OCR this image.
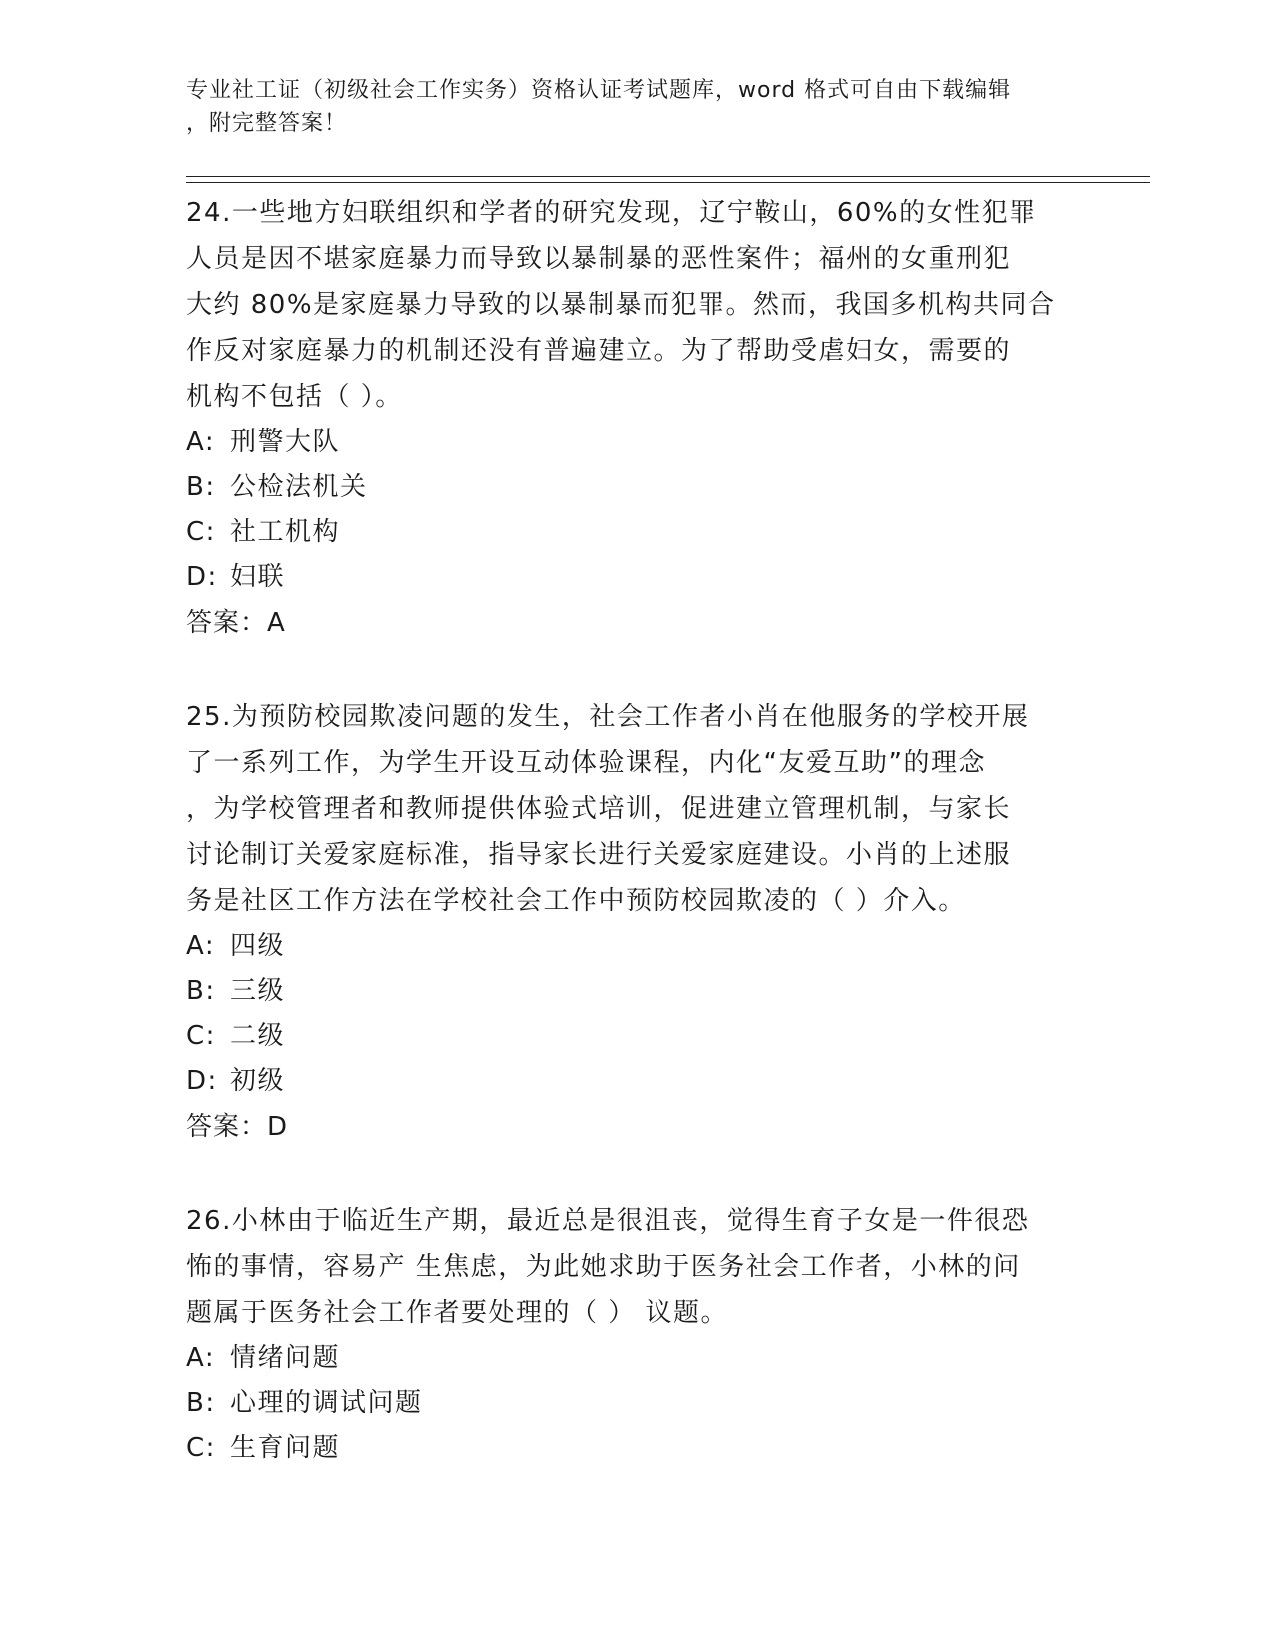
专业社工证（初级社会工作实务）资格认证考试题库，word 格式可自由下载编辑
，附完整答案！
24.一些地方妇联组织和学者的研究发现，辽宁鞍山，60%的女性犯罪
人员是因不堪家庭暴力而导致以暴制暴的恶性案件；福州的女重刑犯
大约 80%是家庭暴力导致的以暴制暴而犯罪。然而，我国多机构共同合
作反对家庭暴力的机制还没有普遍建立。为了帮助受虐妇女，需要的
机构不包括（ ）。
A: 刑警大队
B: 公检法机关
C: 社工机构
D: 妇联
答案：A
25.为预防校园欺凌问题的发生，社会工作者小肖在他服务的学校开展
了一系列工作，为学生开设互动体验课程，内化“友爱互助”的理念
，为学校管理者和教师提供体验式培训，促进建立管理机制，与家长
讨论制订关爱家庭标准，指导家长进行关爱家庭建设。小肖的上述服
务是社区工作方法在学校社会工作中预防校园欺凌的（ ）介入。
A: 四级
B: 三级
C: 二级
D: 初级
答案：D
26.小林由于临近生产期，最近总是很沮丧，觉得生育子女是一件很恐
怖的事情，容易产 生焦虑，为此她求助于医务社会工作者，小林的问
题属于医务社会工作者要处理的（ ） 议题。
A: 情绪问题
B: 心理的调试问题
C: 生育问题
